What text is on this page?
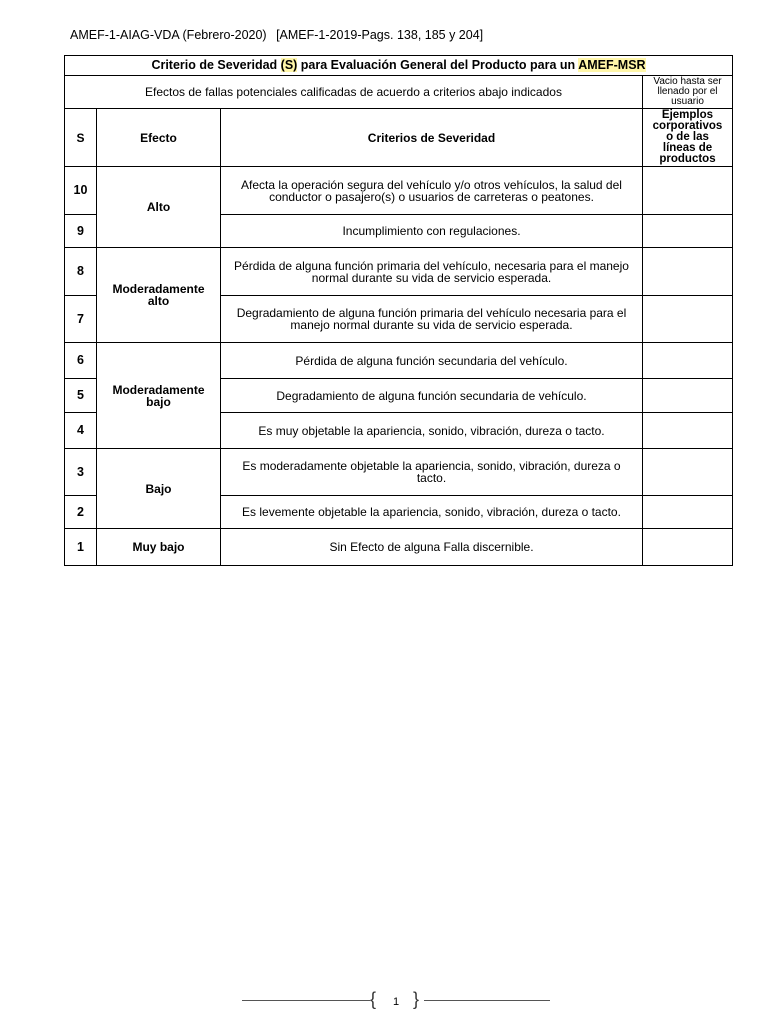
AMEF-1-AIAG-VDA (Febrero-2020) [AMEF-1-2019-Pags. 138, 185 y 204]
Criterio de Severidad (S) para Evaluación General del Producto para un AMEF-MSR			
Efectos de fallas potenciales calificadas de acuerdo a criterios abajo indicados			Vacio hasta ser llenado por el usuario
S	Efecto	Criterios de Severidad	Ejemplos corporativos o de las líneas de productos
10	Alto	Afecta la operación segura del vehículo y/o otros vehículos, la salud del conductor o pasajero(s) o usuarios de carreteras o peatones.	
9		Incumplimiento con regulaciones.	
8	Moderadamente alto	Pérdida de alguna función primaria del vehículo, necesaria para el manejo normal durante su vida de servicio esperada.	
7		Degradamiento de alguna función primaria del vehículo necesaria para el manejo normal durante su vida de servicio esperada.	
6	Moderadamente bajo	Pérdida de alguna función secundaria del vehículo.	
5		Degradamiento de alguna función secundaria de vehículo.	
4		Es muy objetable la apariencia, sonido, vibración, dureza o tacto.	
3	Bajo	Es moderadamente objetable la apariencia, sonido, vibración, dureza o tacto.	
2		Es levemente objetable la apariencia, sonido, vibración, dureza o tacto.	
1	Muy bajo	Sin Efecto de alguna Falla discernible.	
{ 1 }
